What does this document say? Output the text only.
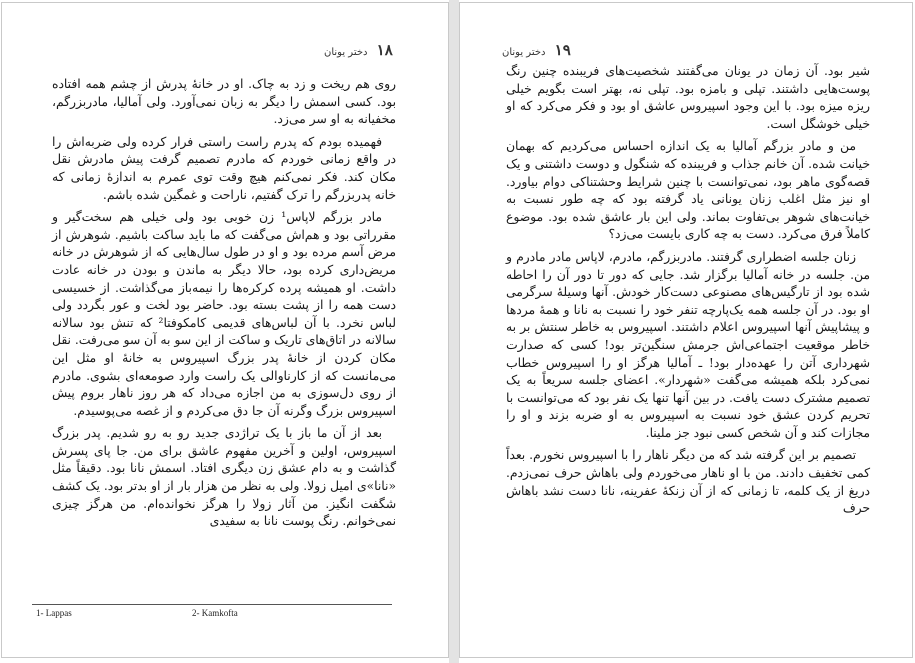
۱۸ دختر یونان

روی هم ریخت و زد به چاک. او در خانهٔ پدرش از چشم همه افتاده بود. کسی اسمش را دیگر به زبان نمی‌آورد. ولی آمالیا، مادربزرگم، مخفیانه به او سر می‌زد.

فهمیده بودم که پدرم راست راستی فرار کرده ولی ضربه‌اش را در واقع زمانی خوردم که مادرم تصمیم گرفت پیش مادرش نقل مکان کند. فکر نمی‌کنم هیچ وقت توی عمرم به اندازهٔ زمانی که خانه پدربزرگم را ترک گفتیم، ناراحت و غمگین شده باشم.

مادر بزرگم لاپاس¹ زن خوبی بود ولی خیلی هم سخت‌گیر و مقرراتی بود و هم‌اش می‌گفت که ما باید ساکت باشیم. شوهرش از مرض آسم مرده بود و او در طول سال‌هایی که از شوهرش در خانه مریض‌داری کرده بود، حالا دیگر به ماندن و بودن در خانه عادت داشت. او همیشه پرده کرکره‌ها را نیمه‌باز می‌گذاشت. از خسیسی دست همه را از پشت بسته بود. حاضر بود لخت و عور بگردد ولی لباس نخرد. با آن لباس‌های قدیمی کامکوفتا² که تنش بود سالانه سالانه در اتاق‌های تاریک و ساکت از این سو به آن سو می‌رفت. نقل مکان کردن از خانهٔ پدر بزرگ اسپیروس به خانهٔ او مثل این می‌مانست که از کارناوالی یک راست وارد صومعه‌ای بشوی. مادرم از روی دل‌سوزی به من اجازه می‌داد که هر روز ناهار بروم پیش اسپیروس بزرگ وگرنه آن جا دق می‌کردم و از غصه می‌پوسیدم.

بعد از آن ما باز با یک تراژدی جدید رو به رو شدیم. پدر بزرگ اسپیروس، اولین و آخرین مفهوم عاشق برای من. جا پای پسرش گذاشت و به دام عشق زن دیگری افتاد. اسمش نانا بود. دقیقاً مثل «نانا»ی امیل زولا. ولی به نظر من هزار بار از او بدتر بود. یک کشف شگفت انگیز. من آثار زولا را هرگز نخوانده‌ام. من هرگز چیزی نمی‌خوانم. رنگ پوست نانا به سفیدی

1- Lappas	2- Kamkofta
۱۹ دختر یونان

شیر بود. آن زمان در یونان می‌گفتند شخصیت‌های فریبنده چنین رنگ پوست‌هایی داشتند. تپلی و بامزه بود. تپلی نه، بهتر است بگویم خیلی ریزه میزه بود. با این وجود اسپیروس عاشق او بود و فکر می‌کرد که او خیلی خوشگل است.

من و مادر بزرگم آمالیا به یک اندازه احساس می‌کردیم که بهمان خیانت شده. آن خانم جذاب و فریبنده که شنگول و دوست داشتنی و یک قصه‌گوی ماهر بود، نمی‌توانست با چنین شرایط وحشتناکی دوام بیاورد. او نیز مثل اغلب زنان یونانی یاد گرفته بود که چه طور نسبت به خیانت‌های شوهر بی‌تفاوت بماند. ولی این بار عاشق شده بود. موضوع کاملاً فرق می‌کرد. دست به چه کاری بایست می‌زد؟

زنان جلسه اضطراری گرفتند. مادربزرگم، مادرم، لاپاس مادر مادرم و من. جلسه در خانه آمالیا برگزار شد. جایی که دور تا دور آن را احاطه شده بود از تارگیس‌های مصنوعی دست‌کار خودش. آنها وسیلهٔ سرگرمی او بود. در آن جلسه همه یک‌پارچه تنفر خود را نسبت به نانا و همهٔ مردها و پیشاپیش آنها اسپیروس اعلام داشتند. اسپیروس به خاطر سنتش بر به خاطر موقعیت اجتماعی‌اش جرمش سنگین‌تر بود! کسی که صدارت شهرداری آتن را عهده‌دار بود! ـ آمالیا هرگز او را اسپیروس خطاب نمی‌کرد بلکه همیشه می‌گفت «شهردار». اعضای جلسه سریعاً به یک تصمیم مشترک دست یافت. در بین آنها تنها یک نفر بود که می‌توانست با تحریم کردن عشق خود نسبت به اسپیروس به او ضربه بزند و او را مجازات کند و آن شخص کسی نبود جز ملینا.

تصمیم بر این گرفته شد که من دیگر ناهار را با اسپیروس نخورم. بعداً کمی تخفیف دادند. من با او ناهار می‌خوردم ولی باهاش حرف نمی‌زدم. دریغ از یک کلمه، تا زمانی که از آن زنکهٔ عفرینه، نانا دست نشد باهاش حرف
